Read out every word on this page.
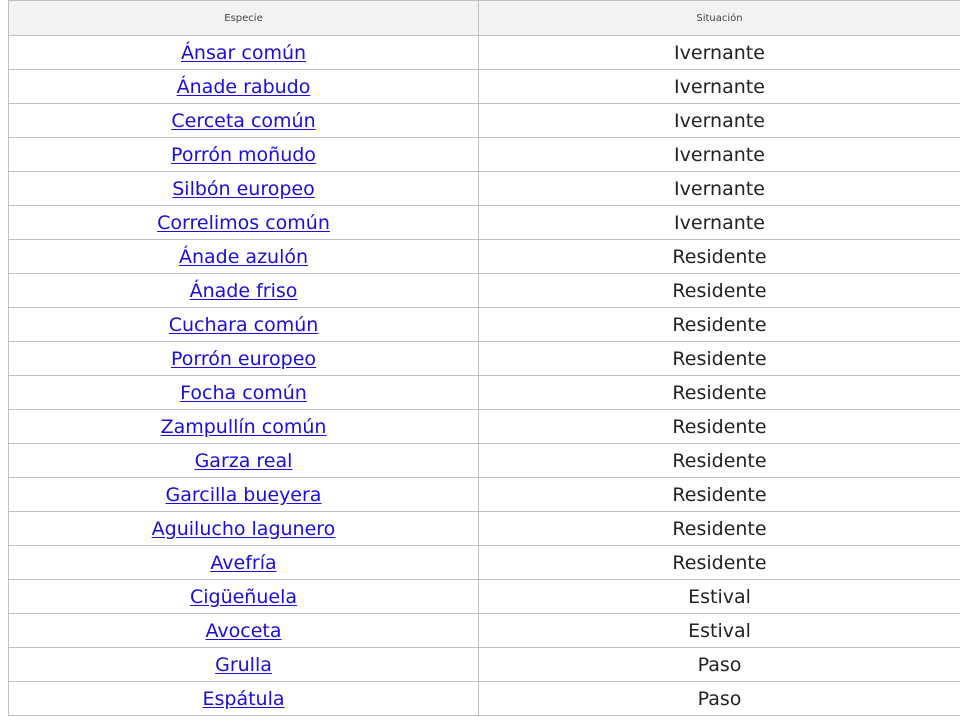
Especie	Situación
Ánsar común	Ivernante
Ánade rabudo	Ivernante
Cerceta común	Ivernante
Porrón moñudo	Ivernante
Silbón europeo	Ivernante
Correlimos común	Ivernante
Ánade azulón	Residente
Ánade friso	Residente
Cuchara común	Residente
Porrón europeo	Residente
Focha común	Residente
Zampullín común	Residente
Garza real	Residente
Garcilla bueyera	Residente
Aguilucho lagunero	Residente
Avefría	Residente
Cigüeñuela	Estival
Avoceta	Estival
Grulla	Paso
Espátula	Paso
